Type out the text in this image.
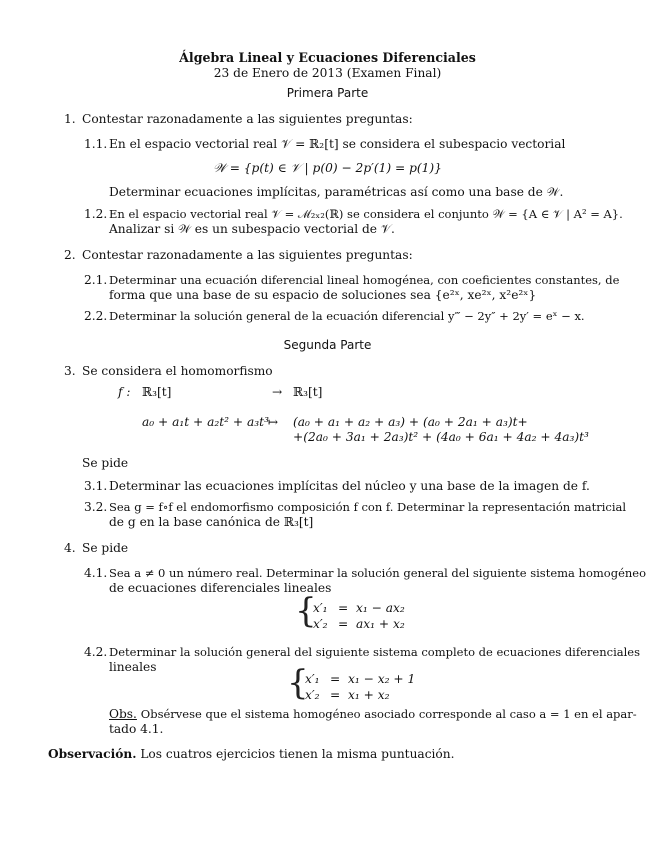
Álgebra Lineal y Ecuaciones Diferenciales
23 de Enero de 2013 (Examen Final)
Primera Parte
1. Contestar razonadamente a las siguientes preguntas:
1.1. En el espacio vectorial real 𝒱 = ℝ₂[t] se considera el subespacio vectorial
𝒲 = {p(t) ∈ 𝒱 | p(0) − 2p′(1) = p(1)}
Determinar ecuaciones implícitas, paramétricas así como una base de 𝒲.
1.2. En el espacio vectorial real 𝒱 = ℳ₂ₓ₂(ℝ) se considera el conjunto 𝒲 = {A ∈ 𝒱 | A² = A}.
Analizar si 𝒲 es un subespacio vectorial de 𝒱.
2. Contestar razonadamente a las siguientes preguntas:
2.1. Determinar una ecuación diferencial lineal homogénea, con coeficientes constantes, de
forma que una base de su espacio de soluciones sea {e²ˣ, xe²ˣ, x²e²ˣ}
2.2. Determinar la solución general de la ecuación diferencial y‴ − 2y″ + 2y′ = eˣ − x.
Segunda Parte
3. Se considera el homomorfismo
f : ℝ₃[t]	→ ℝ₃[t]
a₀ + a₁t + a₂t² + a₃t³ ↦ (a₀ + a₁ + a₂ + a₃) + (a₀ + 2a₁ + a₃)t+
+(2a₀ + 3a₁ + 2a₃)t² + (4a₀ + 6a₁ + 4a₂ + 4a₃)t³
Se pide
3.1. Determinar las ecuaciones implícitas del núcleo y una base de la imagen de f.
3.2. Sea g = f∘f el endomorfismo composición f con f. Determinar la representación matricial
de g en la base canónica de ℝ₃[t]
4. Se pide
4.1. Sea a ≠ 0 un número real. Determinar la solución general del siguiente sistema homogéneo
de ecuaciones diferenciales lineales
{
x′₁ = x₁ − ax₂
x′₂ = ax₁ + x₂
4.2. Determinar la solución general del siguiente sistema completo de ecuaciones diferenciales
lineales	{
x′₁ = x₁ − x₂ + 1
x′₂ = x₁ + x₂
Obs. Obsérvese que el sistema homogéneo asociado corresponde al caso a = 1 en el apar-
tado 4.1.
Observación. Los cuatros ejercicios tienen la misma puntuación.
